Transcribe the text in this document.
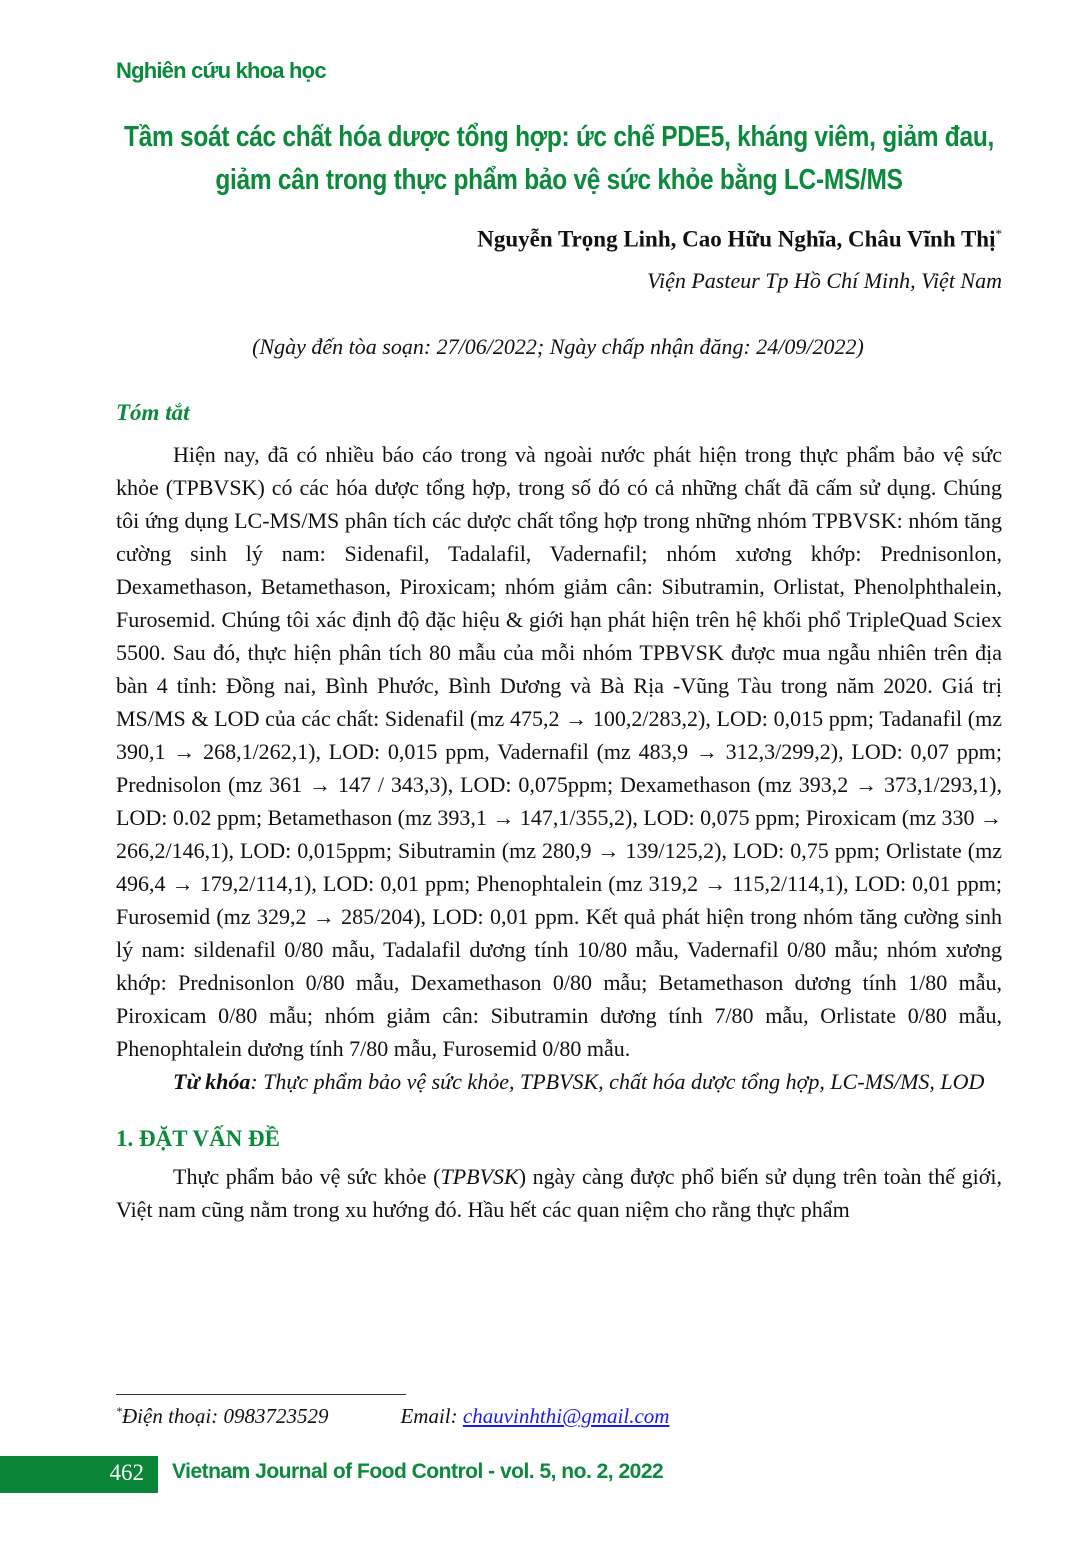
Nghiên cứu khoa học
Tầm soát các chất hóa dược tổng hợp: ức chế PDE5, kháng viêm, giảm đau,
giảm cân trong thực phẩm bảo vệ sức khỏe bằng LC-MS/MS
Nguyễn Trọng Linh, Cao Hữu Nghĩa, Châu Vĩnh Thị*
Viện Pasteur Tp Hồ Chí Minh, Việt Nam
(Ngày đến tòa soạn: 27/06/2022; Ngày chấp nhận đăng: 24/09/2022)
Tóm tắt

Hiện nay, đã có nhiều báo cáo trong và ngoài nước phát hiện trong thực phẩm bảo vệ sức khỏe (TPBVSK) có các hóa dược tổng hợp, trong số đó có cả những chất đã cấm sử dụng. Chúng tôi ứng dụng LC-MS/MS phân tích các dược chất tổng hợp trong những nhóm TPBVSK: nhóm tăng cường sinh lý nam: Sidenafil, Tadalafil, Vadernafil; nhóm xương khớp: Prednisonlon, Dexamethason, Betamethason, Piroxicam; nhóm giảm cân: Sibutramin, Orlistat, Phenolphthalein, Furosemid. Chúng tôi xác định độ đặc hiệu & giới hạn phát hiện trên hệ khối phổ TripleQuad Sciex 5500. Sau đó, thực hiện phân tích 80 mẫu của mỗi nhóm TPBVSK được mua ngẫu nhiên trên địa bàn 4 tỉnh: Đồng nai, Bình Phước, Bình Dương và Bà Rịa -Vũng Tàu trong năm 2020. Giá trị MS/MS & LOD của các chất: Sidenafil (mz 475,2 → 100,2/283,2), LOD: 0,015 ppm; Tadanafil (mz 390,1 → 268,1/262,1), LOD: 0,015 ppm, Vadernafil (mz 483,9 → 312,3/299,2), LOD: 0,07 ppm; Prednisolon (mz 361 → 147 / 343,3), LOD: 0,075ppm; Dexamethason (mz 393,2 → 373,1/293,1), LOD: 0.02 ppm; Betamethason (mz 393,1 → 147,1/355,2), LOD: 0,075 ppm; Piroxicam (mz 330 → 266,2/146,1), LOD: 0,015ppm; Sibutramin (mz 280,9 → 139/125,2), LOD: 0,75 ppm; Orlistate (mz 496,4 → 179,2/114,1), LOD: 0,01 ppm; Phenophtalein (mz 319,2 → 115,2/114,1), LOD: 0,01 ppm; Furosemid (mz 329,2 → 285/204), LOD: 0,01 ppm. Kết quả phát hiện trong nhóm tăng cường sinh lý nam: sildenafil 0/80 mẫu, Tadalafil dương tính 10/80 mẫu, Vadernafil 0/80 mẫu; nhóm xương khớp: Prednisonlon 0/80 mẫu, Dexamethason 0/80 mẫu; Betamethason dương tính 1/80 mẫu, Piroxicam 0/80 mẫu; nhóm giảm cân: Sibutramin dương tính 7/80 mẫu, Orlistate 0/80 mẫu, Phenophtalein dương tính 7/80 mẫu, Furosemid 0/80 mẫu.

Từ khóa: Thực phẩm bảo vệ sức khỏe, TPBVSK, chất hóa dược tổng hợp, LC-MS/MS, LOD

1. ĐẶT VẤN ĐỀ

Thực phẩm bảo vệ sức khỏe (TPBVSK) ngày càng được phổ biến sử dụng trên toàn thế giới, Việt nam cũng nằm trong xu hướng đó. Hầu hết các quan niệm cho rằng thực phẩm

*Điện thoại: 0983723529	Email: chauvinhthi@gmail.com
462 Vietnam Journal of Food Control - vol. 5, no. 2, 2022
